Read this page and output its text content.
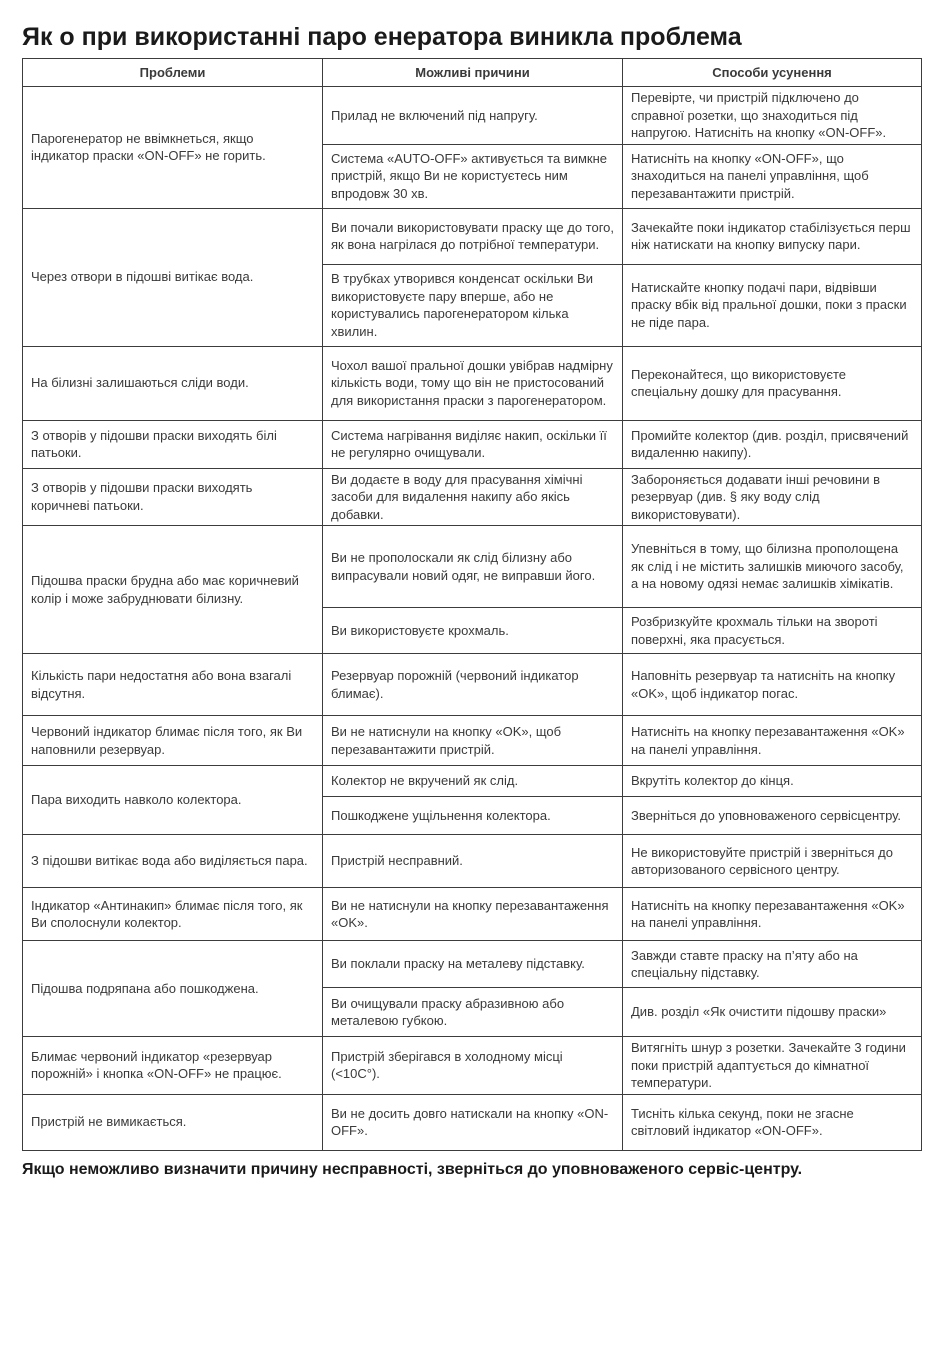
Як о при використанні паро енератора виникла проблема
Проблеми	Можливі причини	Способи усунення
Парогенератор не ввімкнеться, якщо індикатор праски «ON-OFF» не горить.	Прилад не включений під напругу.	Перевірте, чи пристрій підключено до справної розетки, що знаходиться під напругою. Натисніть на кнопку «ON-OFF».
	Система «AUTO-OFF» активується та вимкне пристрій, якщо Ви не користуєтесь ним впродовж 30 хв.	Натисніть на кнопку «ON-OFF», що знаходиться на панелі управління, щоб перезавантажити пристрій.
Через отвори в підошві витікає вода.	Ви почали використовувати праску ще до того, як вона нагрілася до потрібної температури.	Зачекайте поки індикатор стабілізується перш ніж натискати на кнопку випуску пари.
	В трубках утворився конденсат оскільки Ви використовуєте пару вперше, або не користувались парогенератором кілька хвилин.	Натискайте кнопку подачі пари, відвівши праску вбік від пральної дошки, поки з праски не піде пара.
На білизні залишаються сліди води.	Чохол вашої пральної дошки увібрав надмірну кількість води, тому що він не пристосований для використання праски з парогенератором.	Переконайтеся, що використовуєте спеціальну дошку для прасування.
З отворів у підошви праски виходять білі патьоки.	Система нагрівання виділяє накип, оскільки її не регулярно очищували.	Промийте колектор (див. розділ, присвячений видаленню накипу).
З отворів у підошви праски виходять коричневі патьоки.	Ви додаєте в воду для прасування хімічні засоби для видалення накипу або якісь добавки.	Забороняється додавати інші речовини в резервуар (див. § яку воду слід використовувати).
Підошва праски брудна або має коричневий колір і може забруднювати білизну.	Ви не прополоскали як слід білизну або випрасували новий одяг, не виправши його.	Упевніться в тому, що білизна прополощена як слід і не містить залишків миючого засобу, а на новому одязі немає залишків хімікатів.
	Ви використовуєте крохмаль.	Розбризкуйте крохмаль тільки на звороті поверхні, яка прасується.
Кількість пари недостатня або вона взагалі відсутня.	Резервуар порожній (червоний індикатор блимає).	Наповніть резервуар та натисніть на кнопку «OK», щоб індикатор погас.
Червоний індикатор блимає після того, як Ви наповнили резервуар.	Ви не натиснули на кнопку «OK», щоб перезавантажити пристрій.	Натисніть на кнопку перезавантаження «OK» на панелі управління.
Пара виходить навколо колектора.	Колектор не вкручений як слід.	Вкрутіть колектор до кінця.
	Пошкоджене ущільнення колектора.	Зверніться до уповноваженого сервісцентру.
З підошви витікає вода або виділяється пара.	Пристрій несправний.	Не використовуйте пристрій і зверніться до авторизованого сервісного центру.
Індикатор «Антинакип» блимає після того, як Ви сполоснули колектор.	Ви не натиснули на кнопку перезавантаження «OK».	Натисніть на кнопку перезавантаження «OK» на панелі управління.
Підошва подряпана або пошкоджена.	Ви поклали праску на металеву підставку.	Завжди ставте праску на п’яту або на спеціальну підставку.
	Ви очищували праску абразивною або металевою губкою.	Див. розділ «Як очистити підошву праски»
Блимає червоний індикатор «резервуар порожній» і кнопка «ON-OFF» не працює.	Пристрій зберігався в холодному місці (<10С°).	Витягніть шнур з розетки. Зачекайте 3 години поки пристрій адаптується до кімнатної температури.
Пристрій не вимикається.	Ви не досить довго натискали на кнопку «ON-OFF».	Тисніть кілька секунд, поки не згасне світловий індикатор «ON-OFF».
Якщо неможливо визначити причину несправності, зверніться до уповноваженого сервіс-центру.
